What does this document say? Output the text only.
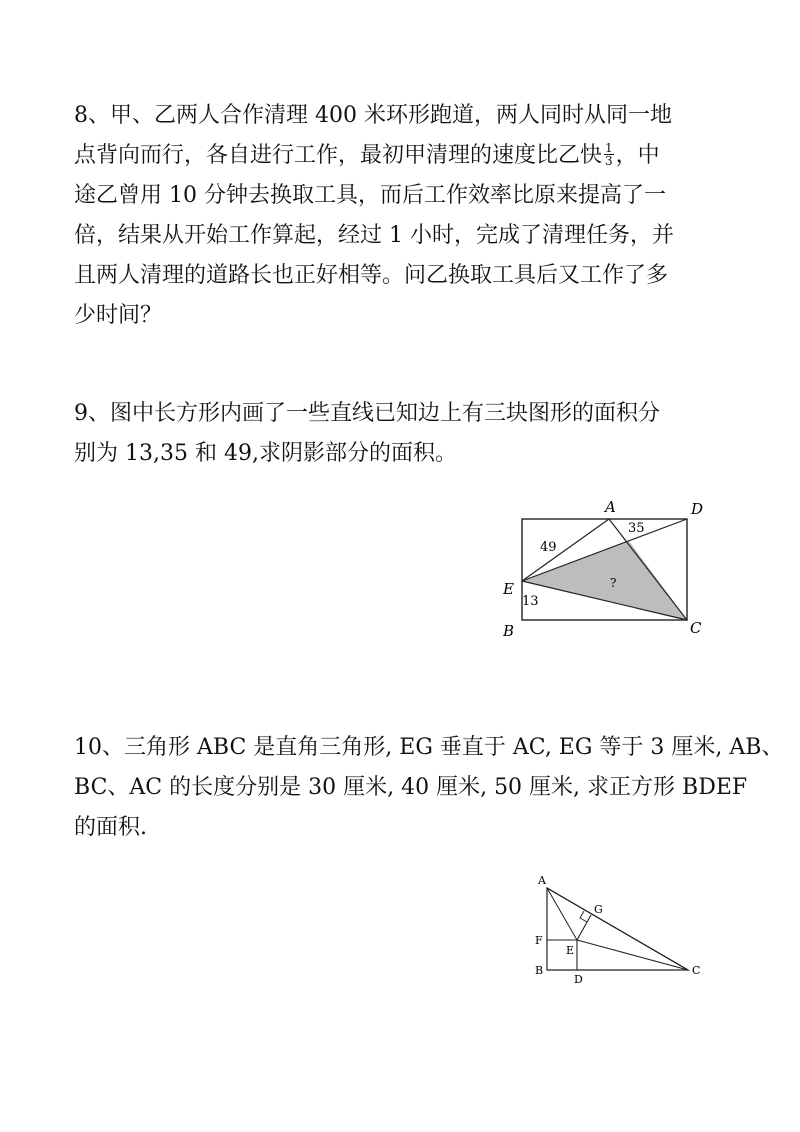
8、甲、乙两人合作清理 400 米环形跑道，两人同时从同一地
点背向而行，各自进行工作，最初甲清理的速度比乙快 $\frac{1}{3}$ ，中
途乙曾用 10 分钟去换取工具，而后工作效率比原来提高了一
倍，结果从开始工作算起，经过 1 小时，完成了清理任务，并
且两人清理的道路长也正好相等。问乙换取工具后又工作了多
少时间？

9、图中长方形内画了一些直线已知边上有三块图形的面积分
别为 13,35 和 49,求阴影部分的面积。

A	D
E
B	C
35
49
13
?

10、三角形 ABC 是直角三角形, EG 垂直于 AC, EG 等于 3 厘米, AB、
BC、AC 的长度分别是 30 厘米, 40 厘米, 50 厘米, 求正方形 BDEF
的面积.

A
G
F
E
B
D
C
